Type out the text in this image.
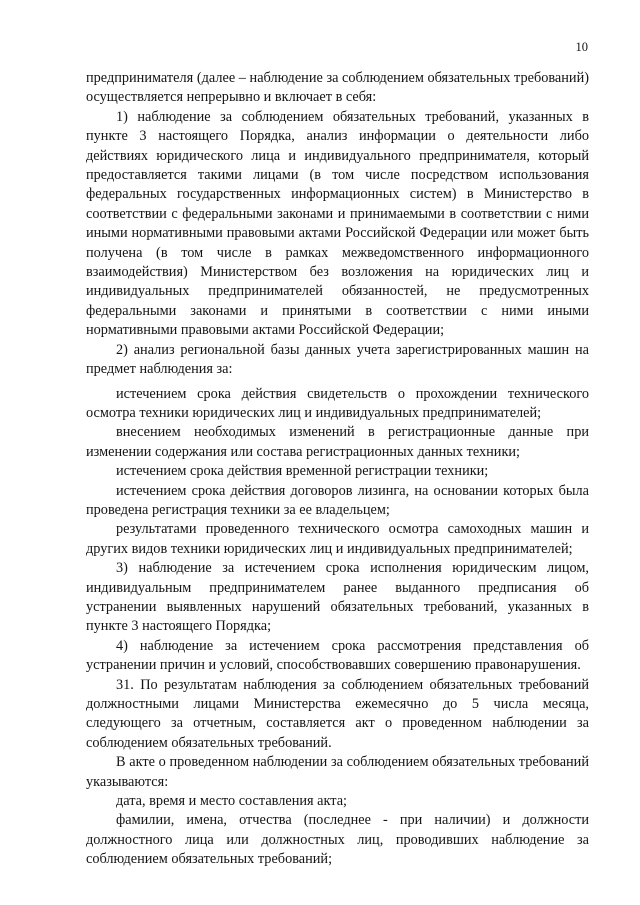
10

предпринимателя (далее – наблюдение за соблюдением обязательных требований) осуществляется непрерывно и включает в себя:

1) наблюдение за соблюдением обязательных требований, указанных в пункте 3 настоящего Порядка, анализ информации о деятельности либо действиях юридического лица и индивидуального предпринимателя, который предоставляется такими лицами (в том числе посредством использования федеральных государственных информационных систем) в Министерство в соответствии с федеральными законами и принимаемыми в соответствии с ними иными нормативными правовыми актами Российской Федерации или может быть получена (в том числе в рамках межведомственного информационного взаимодействия) Министерством без возложения на юридических лиц и индивидуальных предпринимателей обязанностей, не предусмотренных федеральными законами и принятыми в соответствии с ними иными нормативными правовыми актами Российской Федерации;

2) анализ региональной базы данных учета зарегистрированных машин на предмет наблюдения за:

истечением срока действия свидетельств о прохождении технического осмотра техники юридических лиц и индивидуальных предпринимателей;

внесением необходимых изменений в регистрационные данные при изменении содержания или состава регистрационных данных техники;

истечением срока действия временной регистрации техники;

истечением срока действия договоров лизинга, на основании которых была проведена регистрация техники за ее владельцем;

результатами проведенного технического осмотра самоходных машин и других видов техники юридических лиц и индивидуальных предпринимателей;

3) наблюдение за истечением срока исполнения юридическим лицом, индивидуальным предпринимателем ранее выданного предписания об устранении выявленных нарушений обязательных требований, указанных в пункте 3 настоящего Порядка;

4) наблюдение за истечением срока рассмотрения представления об устранении причин и условий, способствовавших совершению правонарушения.

31. По результатам наблюдения за соблюдением обязательных требований должностными лицами Министерства ежемесячно до 5 числа месяца, следующего за отчетным, составляется акт о проведенном наблюдении за соблюдением обязательных требований.

В акте о проведенном наблюдении за соблюдением обязательных требований указываются:

дата, время и место составления акта;

фамилии, имена, отчества (последнее - при наличии) и должности должностного лица или должностных лиц, проводивших наблюдение за соблюдением обязательных требований;
